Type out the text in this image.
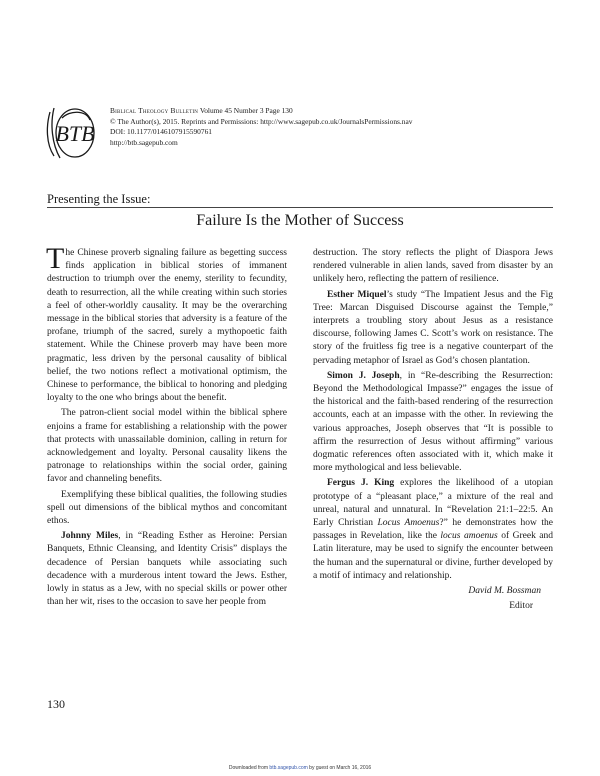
BTB
Biblical Theology Bulletin Volume 45 Number 3 Page 130
© The Author(s), 2015. Reprints and Permissions: http://www.sagepub.co.uk/JournalsPermissions.nav
DOI: 10.1177/0146107915590761
http://btb.sagepub.com
Presenting the Issue:
Failure Is the Mother of Success

The Chinese proverb signaling failure as begetting success finds application in biblical stories of immanent destruction to triumph over the enemy, sterility to fecundity, death to resurrection, all the while creating within such stories a feel of other-worldly causality. It may be the overarching message in the biblical stories that adversity is a feature of the profane, triumph of the sacred, surely a mythopoetic faith statement. While the Chinese proverb may have been more pragmatic, less driven by the personal causality of biblical belief, the two notions reflect a motivational optimism, the Chinese to performance, the biblical to honoring and pledging loyalty to the one who brings about the benefit.

The patron-client social model within the biblical sphere enjoins a frame for establishing a relationship with the power that protects with unassailable dominion, calling in return for acknowledgement and loyalty. Personal causality likens the patronage to relationships within the social order, gaining favor and channeling benefits.

Exemplifying these biblical qualities, the following studies spell out dimensions of the biblical mythos and concomitant ethos.

Johnny Miles, in “Reading Esther as Heroine: Persian Banquets, Ethnic Cleansing, and Identity Crisis” displays the decadence of Persian banquets while associating such decadence with a murderous intent toward the Jews. Esther, lowly in status as a Jew, with no special skills or power other than her wit, rises to the occasion to save her people from

destruction. The story reflects the plight of Diaspora Jews rendered vulnerable in alien lands, saved from disaster by an unlikely hero, reflecting the pattern of resilience.

Esther Miquel’s study “The Impatient Jesus and the Fig Tree: Marcan Disguised Discourse against the Temple,” interprets a troubling story about Jesus as a resistance discourse, following James C. Scott’s work on resistance. The story of the fruitless fig tree is a negative counterpart of the pervading metaphor of Israel as God’s chosen plantation.

Simon J. Joseph, in “Re-describing the Resurrection: Beyond the Methodological Impasse?” engages the issue of the historical and the faith-based rendering of the resurrection accounts, each at an impasse with the other. In reviewing the various approaches, Joseph observes that “It is possible to affirm the resurrection of Jesus without affirming” various dogmatic references often associated with it, which make it more mythological and less believable.

Fergus J. King explores the likelihood of a utopian prototype of a “pleasant place,” a mixture of the real and unreal, natural and unnatural. In “Revelation 21:1–22:5. An Early Christian Locus Amoenus?” he demonstrates how the passages in Revelation, like the locus amoenus of Greek and Latin literature, may be used to signify the encounter between the human and the supernatural or divine, further developed by a motif of intimacy and relationship.

David M. Bossman

Editor

130
Downloaded from btb.sagepub.com by guest on March 16, 2016
